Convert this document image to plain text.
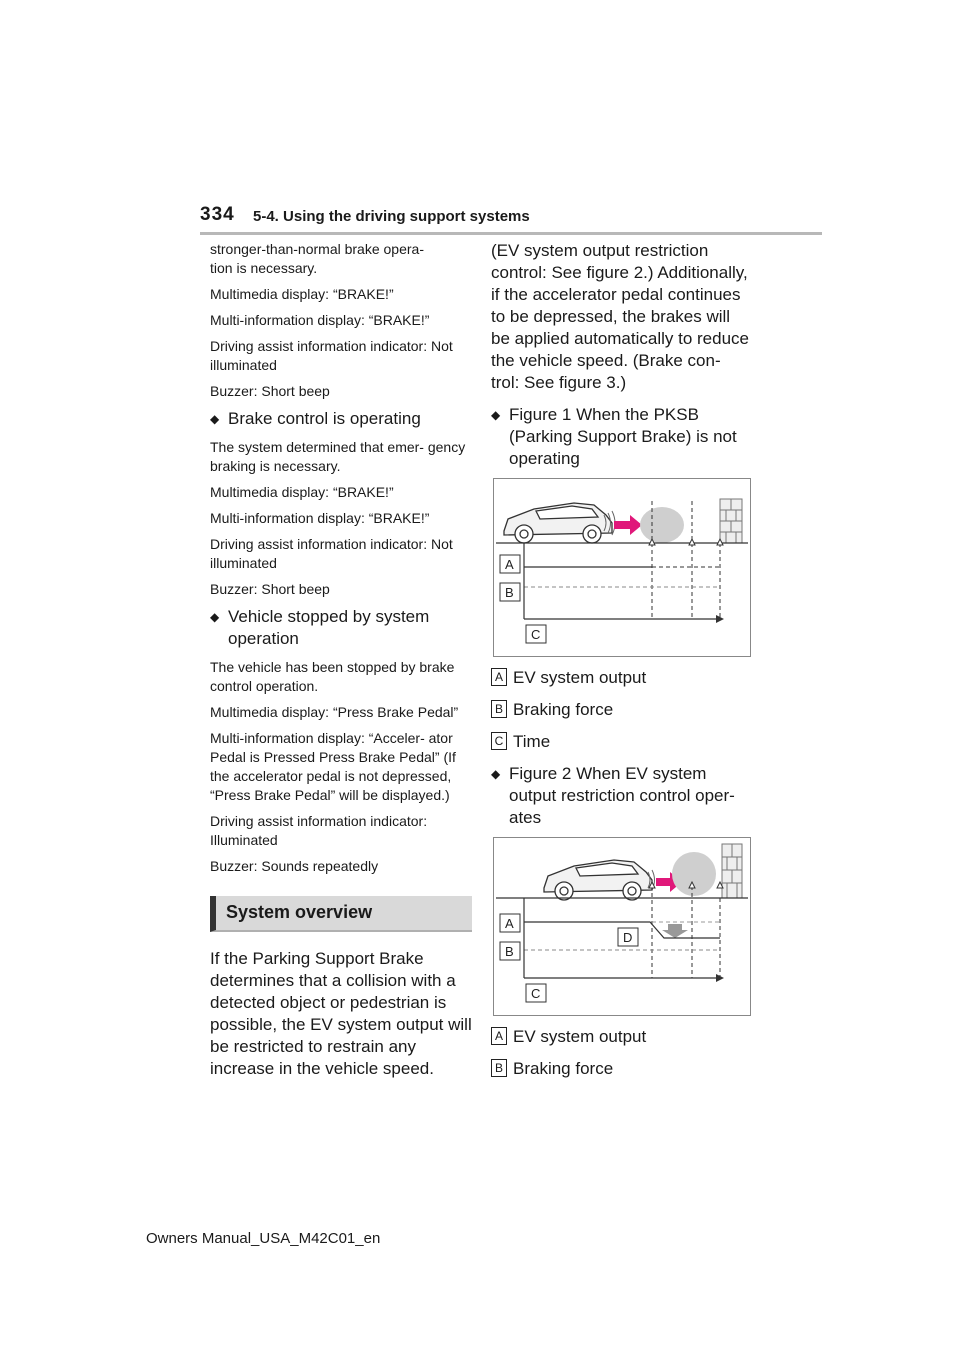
334 5-4. Using the driving support systems

stronger-than-normal brake opera-
tion is necessary.

Multimedia display: “BRAKE!”

Multi-information display: “BRAKE!”

Driving assist information indicator: Not illuminated

Buzzer: Short beep

◆ Brake control is operating

The system determined that emer- gency braking is necessary.

Multimedia display: “BRAKE!”

Multi-information display: “BRAKE!”

Driving assist information indicator: Not illuminated

Buzzer: Short beep

◆ Vehicle stopped by system operation

The vehicle has been stopped by brake control operation.

Multimedia display: “Press Brake Pedal”

Multi-information display: “Acceler- ator Pedal is Pressed Press Brake Pedal” (If the accelerator pedal is not depressed, “Press Brake Pedal” will be displayed.)

Driving assist information indicator: Illuminated

Buzzer: Sounds repeatedly

System overview

If the Parking Support Brake determines that a collision with a detected object or pedestrian is possible, the EV system output will be restricted to restrain any increase in the vehicle speed.

(EV system output restriction control: See figure 2.) Additionally, if the accelerator pedal continues to be depressed, the brakes will be applied automatically to reduce the vehicle speed. (Brake con- trol: See figure 3.)

◆ Figure 1 When the PKSB (Parking Support Brake) is not operating
A
B
C
A EV system output
B Braking force
C Time
◆ Figure 2 When EV system output restriction control oper- ates
A
B
C
D
A EV system output
B Braking force
Owners Manual_USA_M42C01_en
